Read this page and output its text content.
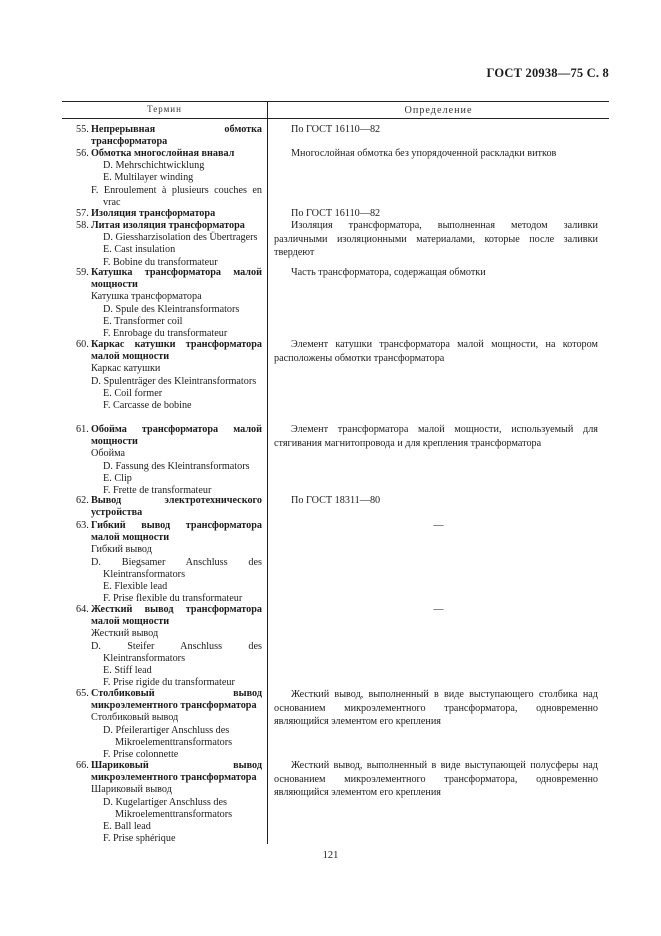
ГОСТ 20938—75 С. 8
Термин	Определение
55. Непрерывная обмотка трансформатора
По ГОСТ 16110—82
56. Обмотка многослойная внавал
D. Mehrschichtwicklung
E. Multilayer winding
F. Enroulement à plusieurs couches en vrac
Многослойная обмотка без упорядоченной раскладки витков
57. Изоляция трансформатора	По ГОСТ 16110—82
58. Литая изоляция трансформатора
D. Giessharzisolation des Übertragers
E. Cast insulation
F. Bobine du transformateur
Изоляция трансформатора, выполненная методом заливки различными изоляционными материалами, которые после заливки твердеют
59. Катушка трансформатора малой мощности
Катушка трансформатора
D. Spule des Kleintransformators
E. Transformer coil
F. Enrobage du transformateur
Часть трансформатора, содержащая обмотки
60. Каркас катушки трансформатора малой мощности
Каркас катушки
D. Spulenträger des Kleintransformators
E. Coil former
F. Carcasse de bobine
Элемент катушки трансформатора малой мощности, на котором расположены обмотки трансформатора
61. Обойма трансформатора малой мощности
Обойма
D. Fassung des Kleintransformators
E. Clip
F. Frette de transformateur
Элемент трансформатора малой мощности, используемый для стягивания магнитопровода и для крепления трансформатора
62. Вывод электротехнического устройства
По ГОСТ 18311—80
63. Гибкий вывод трансформатора малой мощности
Гибкий вывод
D. Biegsamer Anschluss des Kleintransformators
E. Flexible lead
F. Prise flexible du transformateur
—
64. Жесткий вывод трансформатора малой мощности
Жесткий вывод
D. Steifer Anschluss des Kleintransformators
E. Stiff lead
F. Prise rigide du transformateur
—
65. Столбиковый вывод микроэлементного трансформатора
Столбиковый вывод
D. Pfeilerartiger Anschluss des
Mikroelementtransformators
F. Prise colonnette
Жесткий вывод, выполненный в виде выступающего столбика над основанием микроэлементного трансформатора, одновременно являющийся элементом его крепления
66. Шариковый вывод микроэлементного трансформатора
Шариковый вывод
D. Kugelartiger Anschluss des
Mikroelementtransformators
E. Ball lead
F. Prise sphérique
Жесткий вывод, выполненный в виде выступающей полусферы над основанием микроэлементного трансформатора, одновременно являющийся элементом его крепления
121
